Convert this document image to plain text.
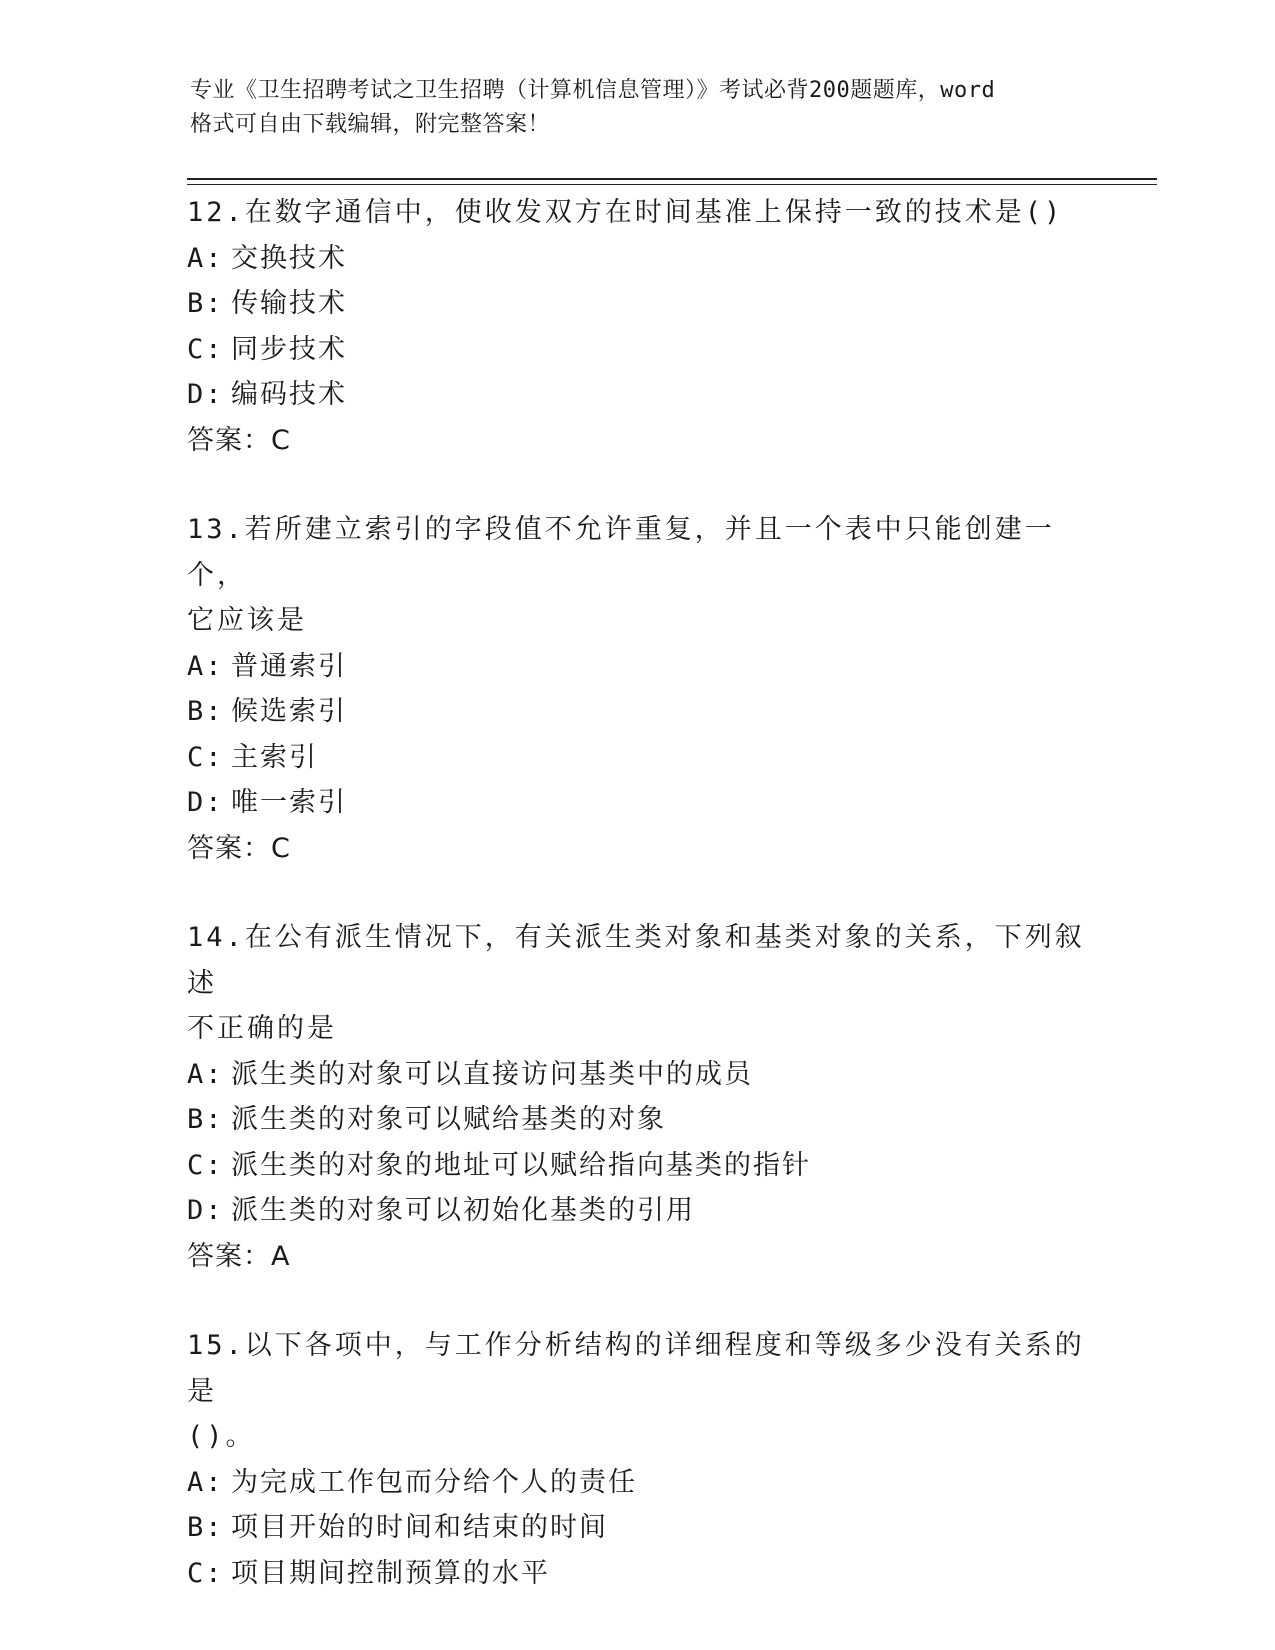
专业《卫生招聘考试之卫生招聘（计算机信息管理）》考试必背200题题库，word
格式可自由下载编辑，附完整答案！
12.在数字通信中，使收发双方在时间基准上保持一致的技术是()
A: 交换技术
B: 传输技术
C: 同步技术
D: 编码技术
答案：C
13.若所建立索引的字段值不允许重复，并且一个表中只能创建一个，
它应该是
A: 普通索引
B: 候选索引
C: 主索引
D: 唯一索引
答案：C
14.在公有派生情况下，有关派生类对象和基类对象的关系，下列叙述
不正确的是
A: 派生类的对象可以直接访问基类中的成员
B: 派生类的对象可以赋给基类的对象
C: 派生类的对象的地址可以赋给指向基类的指针
D: 派生类的对象可以初始化基类的引用
答案：A
15.以下各项中，与工作分析结构的详细程度和等级多少没有关系的是
()。
A: 为完成工作包而分给个人的责任
B: 项目开始的时间和结束的时间
C: 项目期间控制预算的水平
